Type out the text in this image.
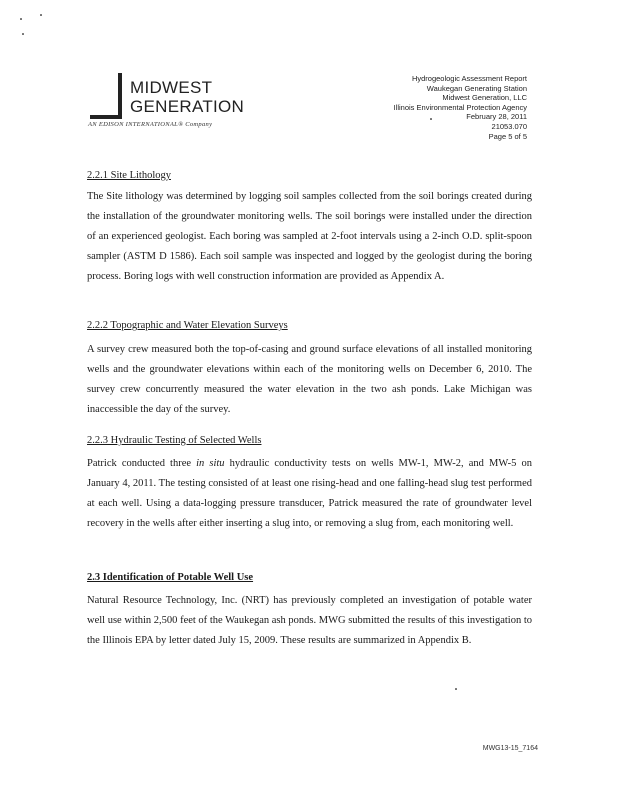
MIDWEST
GENERATION
AN EDISON INTERNATIONAL® Company
Hydrogeologic Assessment Report
Waukegan Generating Station
Midwest Generation, LLC
Illinois Environmental Protection Agency
February 28, 2011
21053.070
Page 5 of 5
2.2.1 Site Lithology

The Site lithology was determined by logging soil samples collected from the soil borings created during the installation of the groundwater monitoring wells. The soil borings were installed under the direction of an experienced geologist. Each boring was sampled at 2-foot intervals using a 2-inch O.D. split-spoon sampler (ASTM D 1586). Each soil sample was inspected and logged by the geologist during the boring process. Boring logs with well construction information are provided as Appendix A.

2.2.2 Topographic and Water Elevation Surveys

A survey crew measured both the top-of-casing and ground surface elevations of all installed monitoring wells and the groundwater elevations within each of the monitoring wells on December 6, 2010. The survey crew concurrently measured the water elevation in the two ash ponds. Lake Michigan was inaccessible the day of the survey.

2.2.3 Hydraulic Testing of Selected Wells

Patrick conducted three in situ hydraulic conductivity tests on wells MW-1, MW-2, and MW-5 on January 4, 2011. The testing consisted of at least one rising-head and one falling-head slug test performed at each well. Using a data-logging pressure transducer, Patrick measured the rate of groundwater level recovery in the wells after either inserting a slug into, or removing a slug from, each monitoring well.

2.3 Identification of Potable Well Use

Natural Resource Technology, Inc. (NRT) has previously completed an investigation of potable water well use within 2,500 feet of the Waukegan ash ponds. MWG submitted the results of this investigation to the Illinois EPA by letter dated July 15, 2009. These results are summarized in Appendix B.

MWG13-15_7164
